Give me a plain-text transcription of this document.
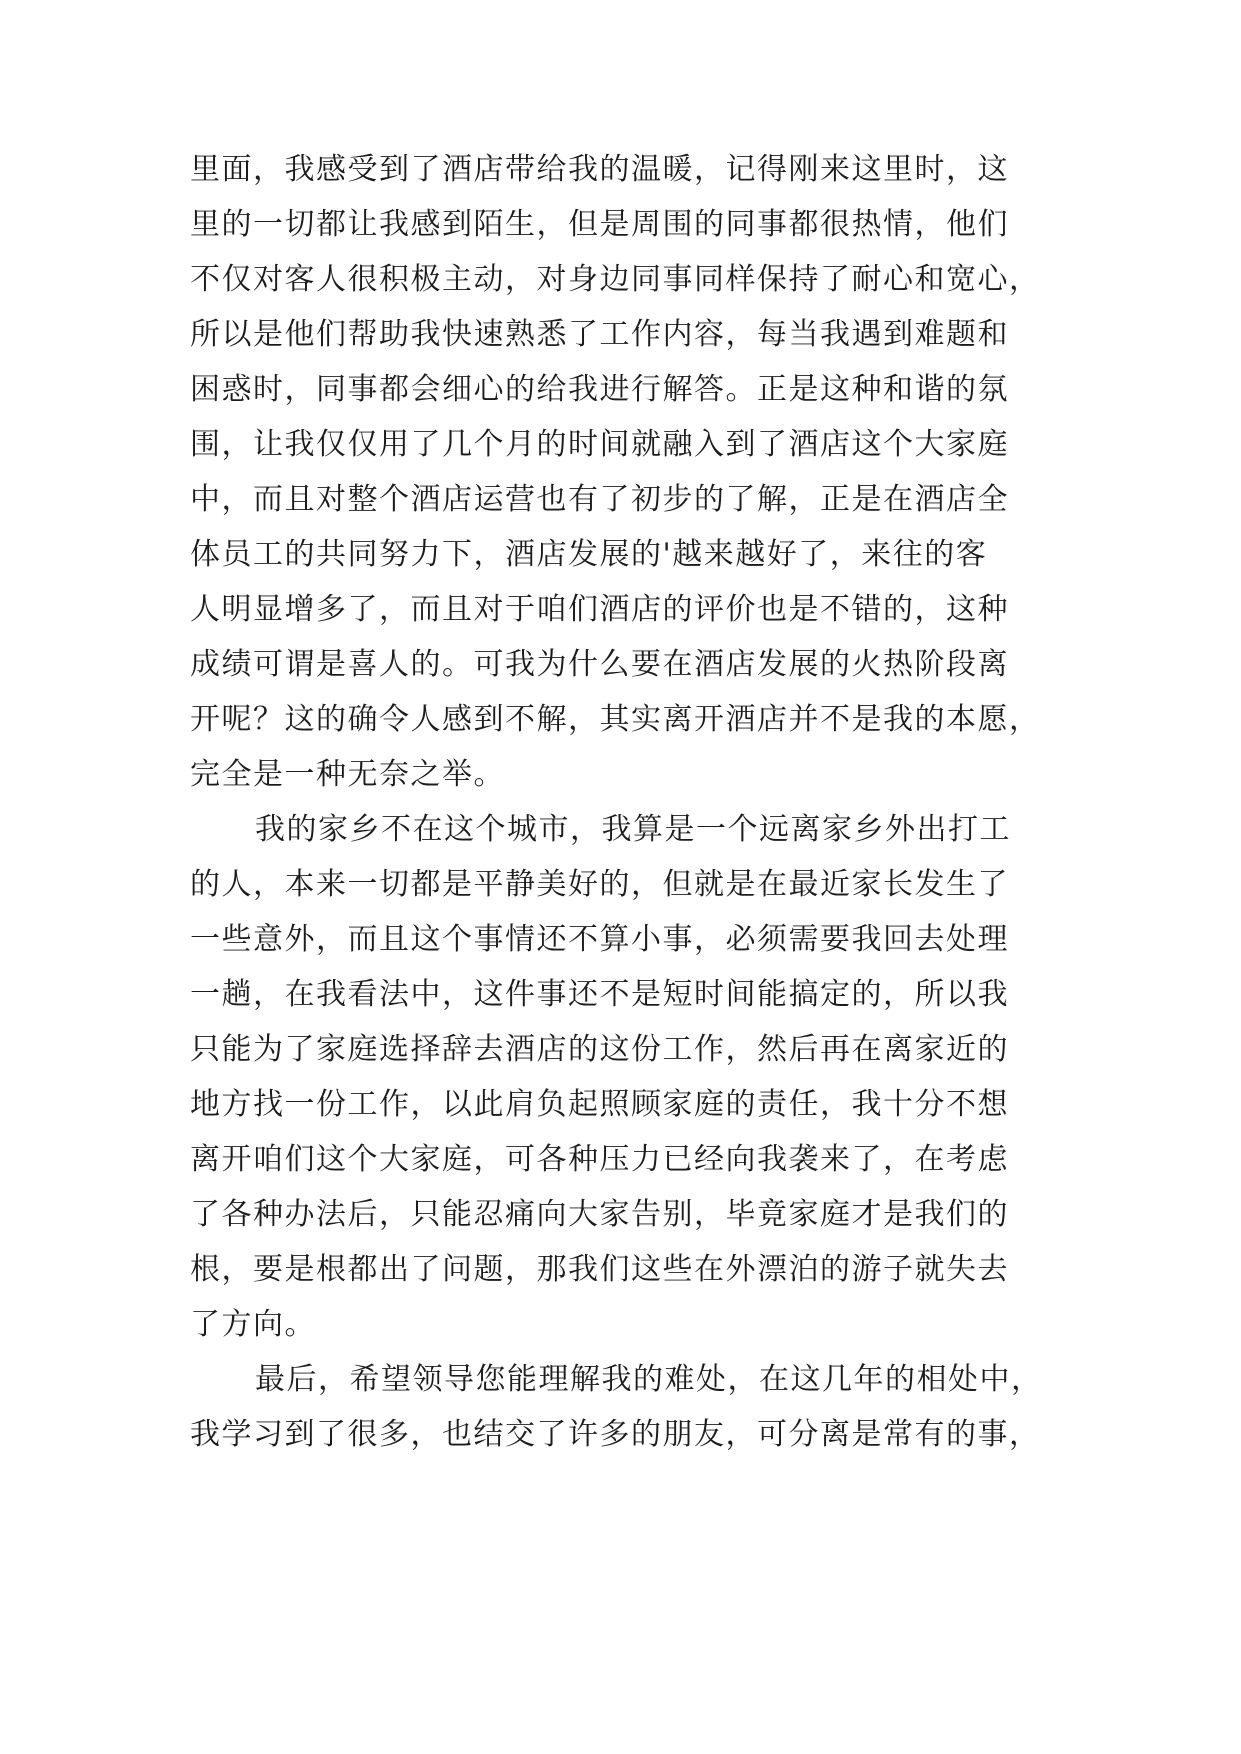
里面，我感受到了酒店带给我的温暖，记得刚来这里时，这
里的一切都让我感到陌生，但是周围的同事都很热情，他们
不仅对客人很积极主动，对身边同事同样保持了耐心和宽心，
所以是他们帮助我快速熟悉了工作内容，每当我遇到难题和
困惑时，同事都会细心的给我进行解答。正是这种和谐的氛
围，让我仅仅用了几个月的时间就融入到了酒店这个大家庭
中，而且对整个酒店运营也有了初步的了解，正是在酒店全
体员工的共同努力下，酒店发展的'越来越好了，来往的客
人明显增多了，而且对于咱们酒店的评价也是不错的，这种
成绩可谓是喜人的。可我为什么要在酒店发展的火热阶段离
开呢？这的确令人感到不解，其实离开酒店并不是我的本愿，
完全是一种无奈之举。
我的家乡不在这个城市，我算是一个远离家乡外出打工
的人，本来一切都是平静美好的，但就是在最近家长发生了
一些意外，而且这个事情还不算小事，必须需要我回去处理
一趟，在我看法中，这件事还不是短时间能搞定的，所以我
只能为了家庭选择辞去酒店的这份工作，然后再在离家近的
地方找一份工作，以此肩负起照顾家庭的责任，我十分不想
离开咱们这个大家庭，可各种压力已经向我袭来了，在考虑
了各种办法后，只能忍痛向大家告别，毕竟家庭才是我们的
根，要是根都出了问题，那我们这些在外漂泊的游子就失去
了方向。
最后，希望领导您能理解我的难处，在这几年的相处中，
我学习到了很多，也结交了许多的朋友，可分离是常有的事，
